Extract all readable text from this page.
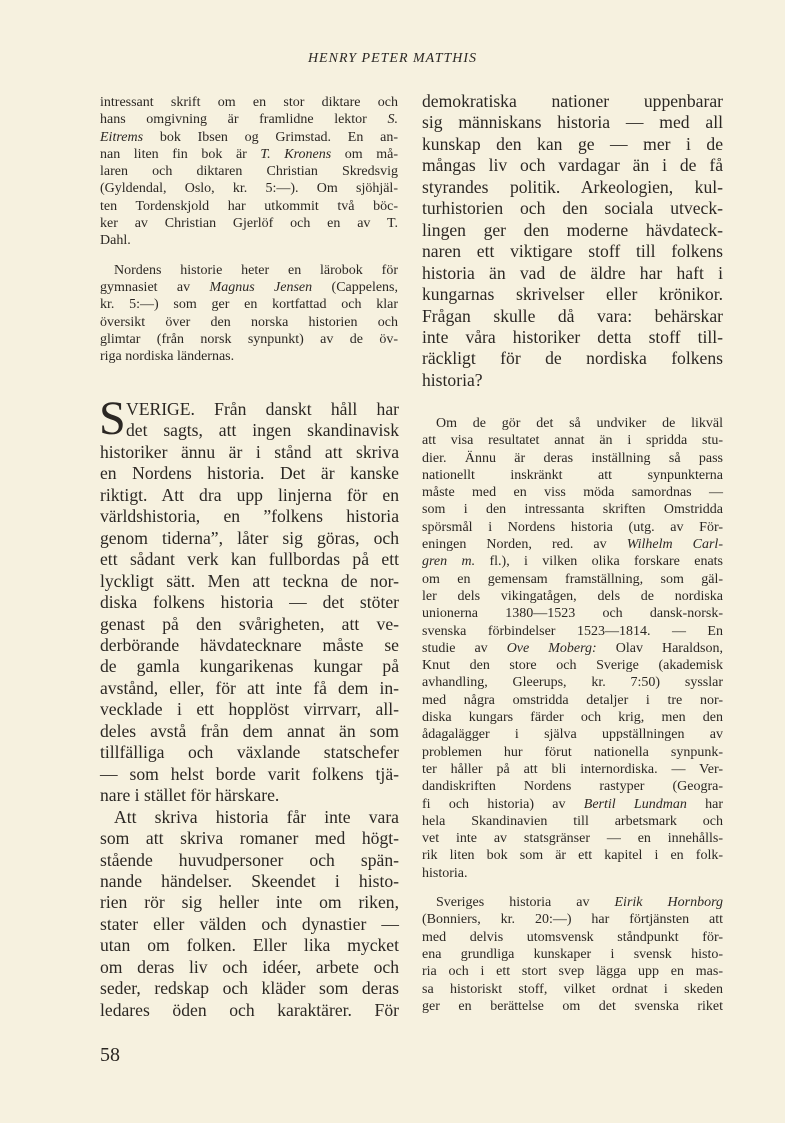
HENRY PETER MATTHIS
intressant skrift om en stor diktare och
hans omgivning är framlidne lektor S.
Eitrems bok Ibsen og Grimstad. En an-
nan liten fin bok är T. Kronens om må-
laren och diktaren Christian Skredsvig
(Gyldendal, Oslo, kr. 5:—). Om sjöhjäl-
ten Tordenskjold har utkommit två böc-
ker av Christian Gjerlöf och en av T.
Dahl.
Nordens historie heter en lärobok för
gymnasiet av Magnus Jensen (Cappelens,
kr. 5:—) som ger en kortfattad och klar
översikt över den norska historien och
glimtar (från norsk synpunkt) av de öv-
riga nordiska ländernas.
demokratiska nationer uppenbarar
sig människans historia — med all
kunskap den kan ge — mer i de
mångas liv och vardagar än i de få
styrandes politik. Arkeologien, kul-
turhistorien och den sociala utveck-
lingen ger den moderne hävdateck-
naren ett viktigare stoff till folkens
historia än vad de äldre har haft i
kungarnas skrivelser eller krönikor.
Frågan skulle då vara: behärskar
inte våra historiker detta stoff till-
räckligt för de nordiska folkens
historia?
S VERIGE. Från danskt håll har
det sagts, att ingen skandinavisk
historiker ännu är i stånd att skriva
en Nordens historia. Det är kanske
riktigt. Att dra upp linjerna för en
världshistoria, en ”folkens historia
genom tiderna”, låter sig göras, och
ett sådant verk kan fullbordas på ett
lyckligt sätt. Men att teckna de nor-
diska folkens historia — det stöter
genast på den svårigheten, att ve-
derbörande hävdatecknare måste se
de gamla kungarikenas kungar på
avstånd, eller, för att inte få dem in-
vecklade i ett hopplöst virrvarr, all-
deles avstå från dem annat än som
tillfälliga och växlande statschefer
— som helst borde varit folkens tjä-
nare i stället för härskare.
Att skriva historia får inte vara
som att skriva romaner med högt-
stående huvudpersoner och spän-
nande händelser. Skeendet i histo-
rien rör sig heller inte om riken,
stater eller välden och dynastier —
utan om folken. Eller lika mycket
om deras liv och idéer, arbete och
seder, redskap och kläder som deras
ledares öden och karaktärer. För
Om de gör det så undviker de likväl
att visa resultatet annat än i spridda stu-
dier. Ännu är deras inställning så pass
nationellt inskränkt att synpunkterna
måste med en viss möda samordnas —
som i den intressanta skriften Omstridda
spörsmål i Nordens historia (utg. av För-
eningen Norden, red. av Wilhelm Carl-
gren m. fl.), i vilken olika forskare enats
om en gemensam framställning, som gäl-
ler dels vikingatågen, dels de nordiska
unionerna 1380—1523 och dansk-norsk-
svenska förbindelser 1523—1814. — En
studie av Ove Moberg: Olav Haraldson,
Knut den store och Sverige (akademisk
avhandling, Gleerups, kr. 7:50) sysslar
med några omstridda detaljer i tre nor-
diska kungars färder och krig, men den
ådagalägger i själva uppställningen av
problemen hur förut nationella synpunk-
ter håller på att bli internordiska. — Ver-
dandiskriften Nordens rastyper (Geogra-
fi och historia) av Bertil Lundman har
hela Skandinavien till arbetsmark och
vet inte av statsgränser — en innehålls-
rik liten bok som är ett kapitel i en folk-
historia.
Sveriges historia av Eirik Hornborg
(Bonniers, kr. 20:—) har förtjänsten att
med delvis utomsvensk ståndpunkt för-
ena grundliga kunskaper i svensk histo-
ria och i ett stort svep lägga upp en mas-
sa historiskt stoff, vilket ordnat i skeden
ger en berättelse om det svenska riket
58
